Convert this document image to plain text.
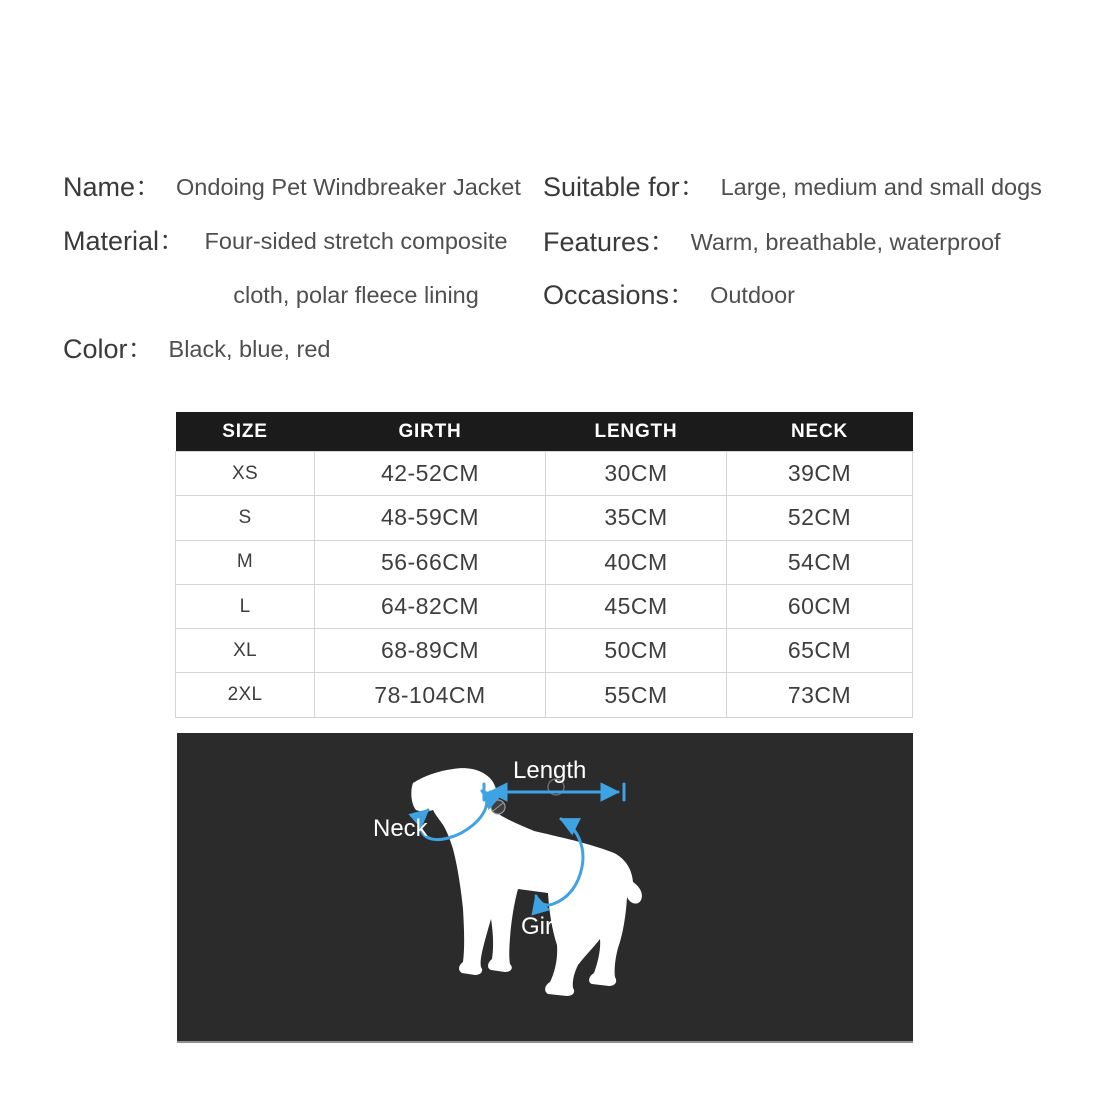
Name： Ondoing Pet Windbreaker Jacket
Material： Four-sided stretch composite cloth, polar fleece lining
Color： Black, blue, red
Suitable for： Large, medium and small dogs
Features： Warm, breathable, waterproof
Occasions： Outdoor
SIZE	GIRTH	LENGTH	NECK
XS	42-52CM	30CM	39CM
S	48-59CM	35CM	52CM
M	56-66CM	40CM	54CM
L	64-82CM	45CM	60CM
XL	68-89CM	50CM	65CM
2XL	78-104CM	55CM	73CM
Length
Neck
Girth
